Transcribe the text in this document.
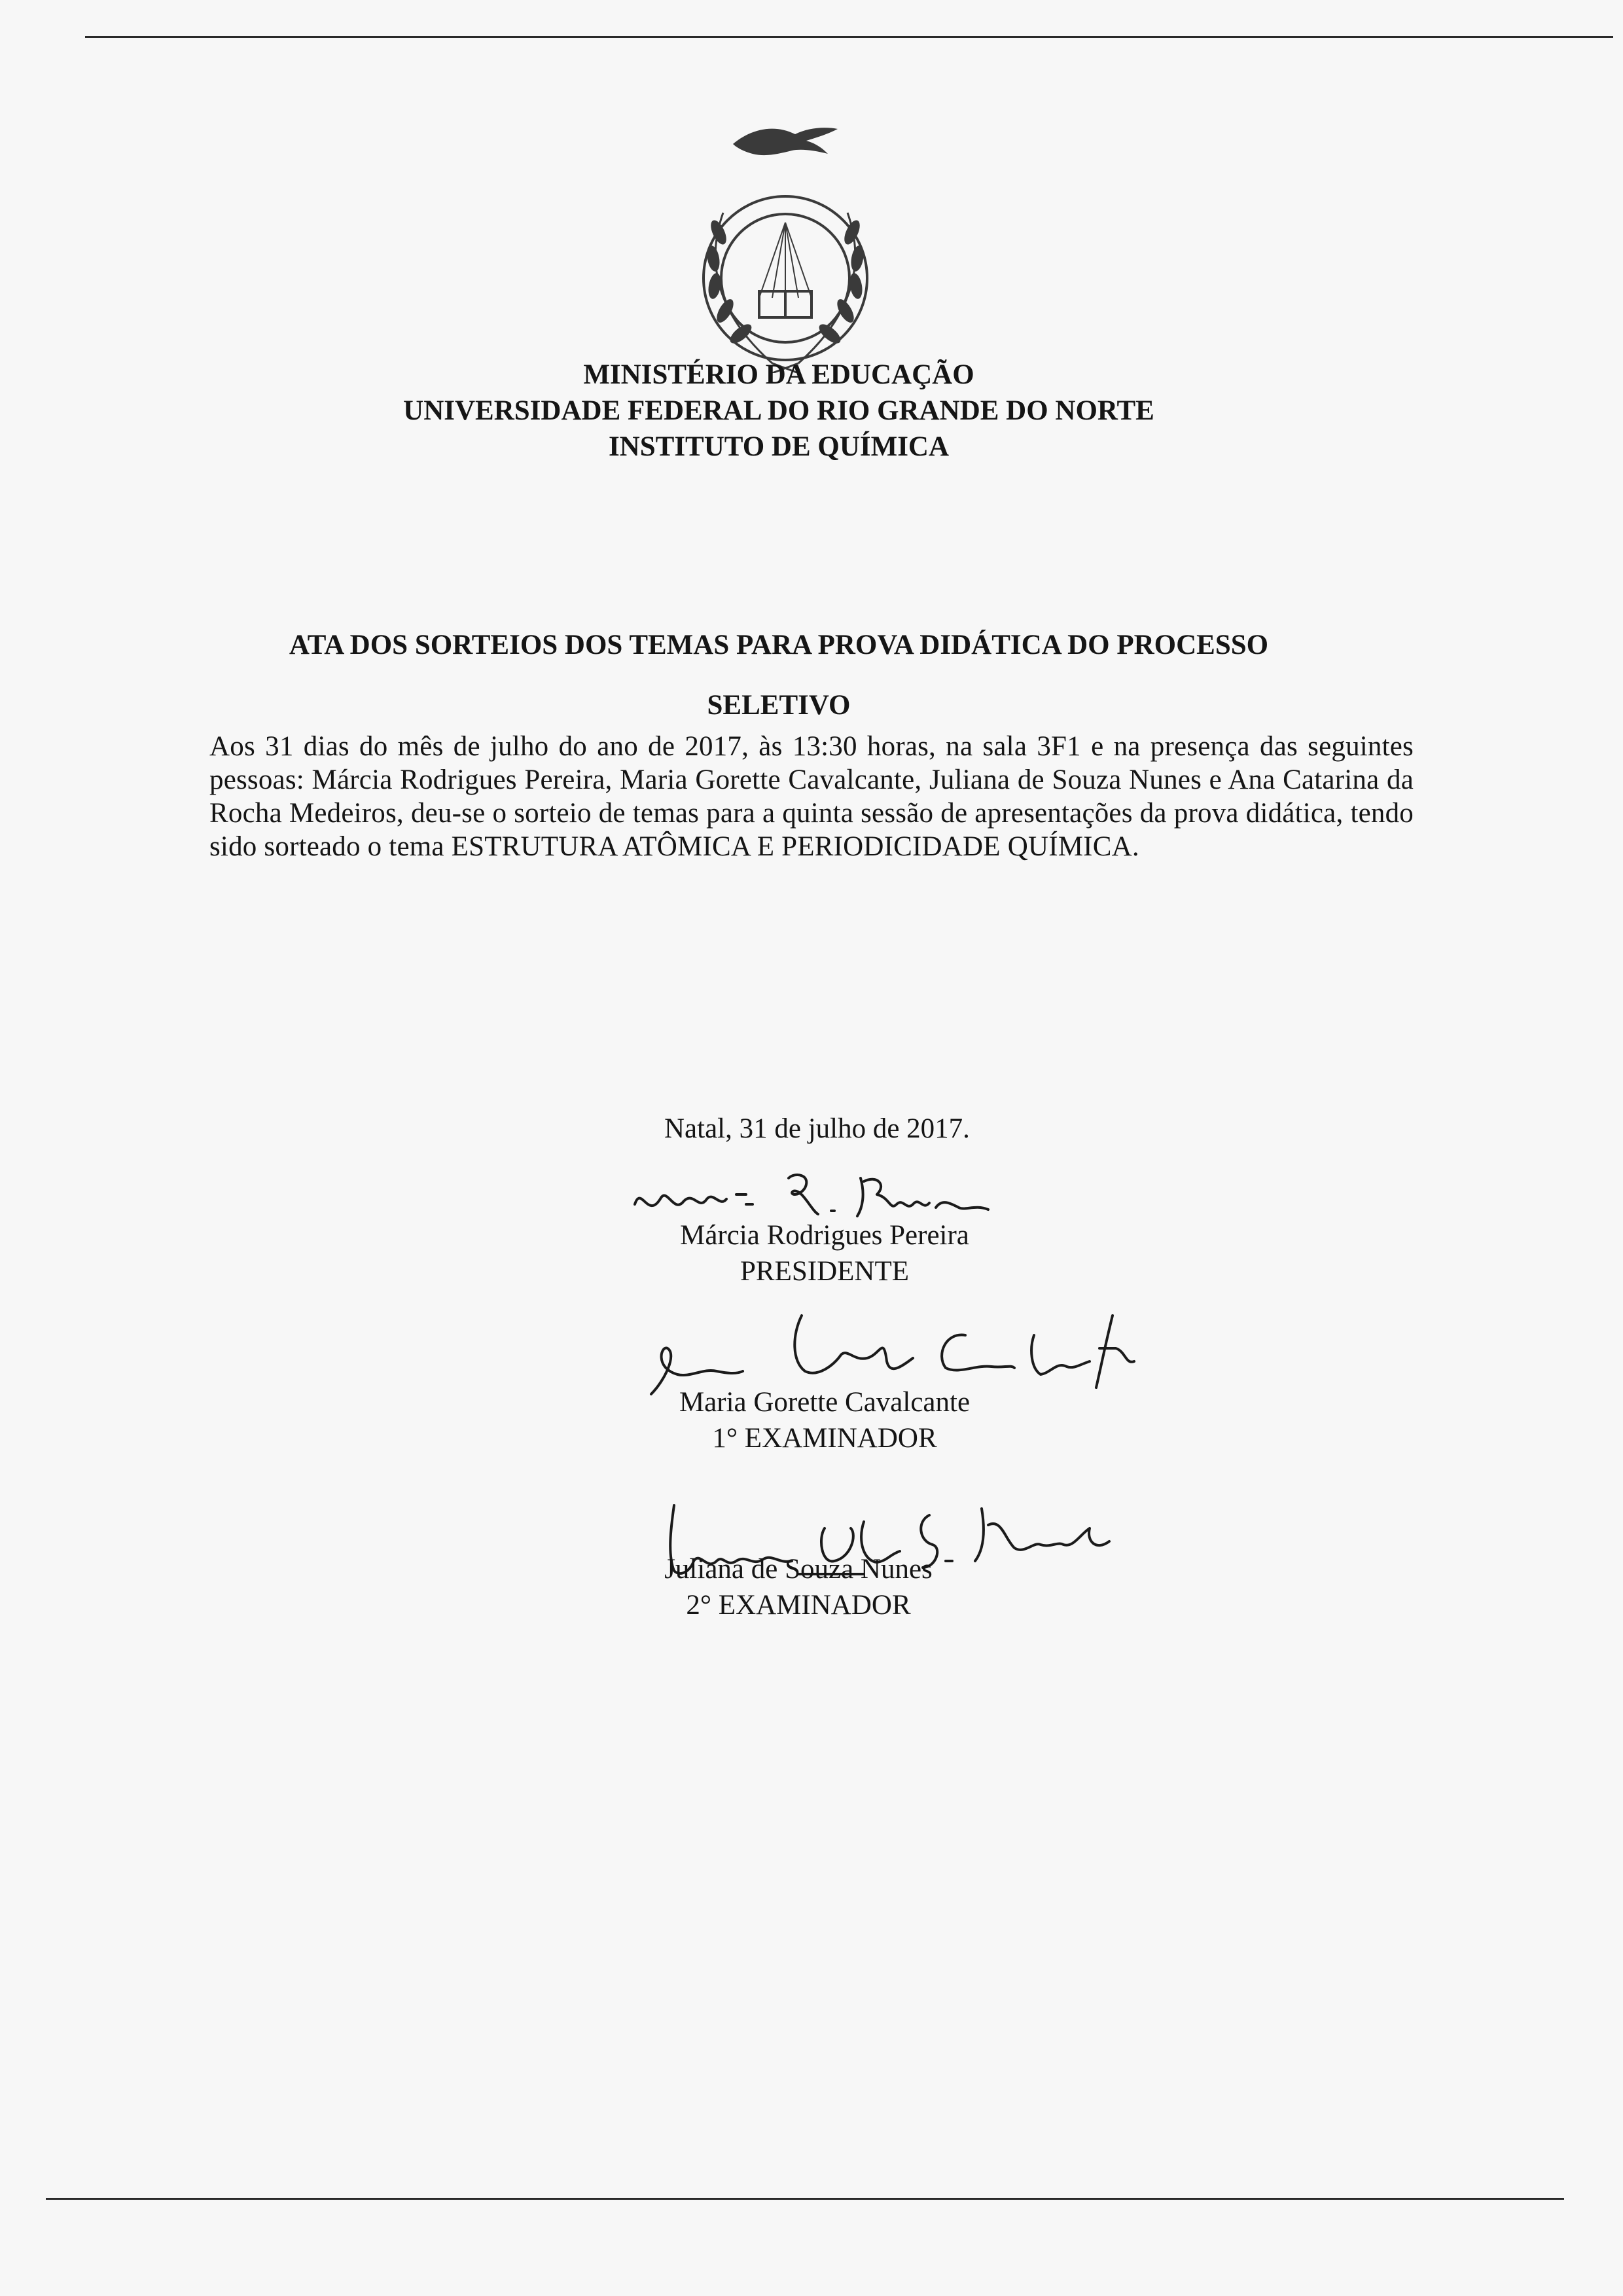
MINISTÉRIO DA EDUCAÇÃO
UNIVERSIDADE FEDERAL DO RIO GRANDE DO NORTE
INSTITUTO DE QUÍMICA
ATA DOS SORTEIOS DOS TEMAS PARA PROVA DIDÁTICA DO PROCESSO
SELETIVO
Aos 31 dias do mês de julho do ano de 2017, às 13:30 horas, na sala 3F1 e na presença das seguintes pessoas: Márcia Rodrigues Pereira, Maria Gorette Cavalcante, Juliana de Souza Nunes e Ana Catarina da Rocha Medeiros, deu-se o sorteio de temas para a quinta sessão de apresentações da prova didática, tendo sido sorteado o tema ESTRUTURA ATÔMICA E PERIODICIDADE QUÍMICA.
Natal, 31 de julho de 2017.
Márcia Rodrigues Pereira
PRESIDENTE
Maria Gorette Cavalcante
1° EXAMINADOR
Juliana de Souza Nunes
2° EXAMINADOR
